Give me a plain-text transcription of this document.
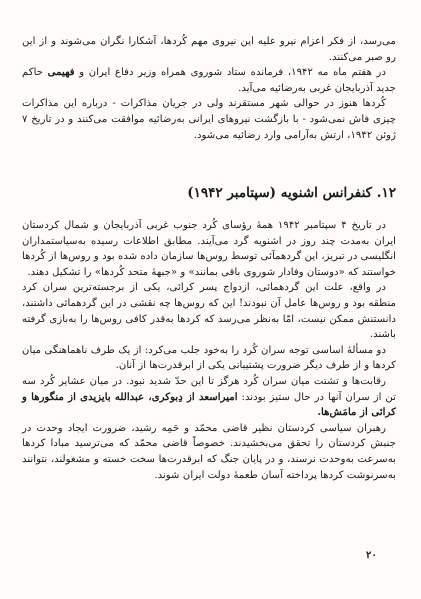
می‌رسد، از فکر اعزام نیرو علیه این نیروی مهم کُردها، آشکارا نگران می‌شوند و از این رو صبر می‌کنند.

در هفتم ماه مه ۱۹۴۲، فرمانده ستاد شوروی همراه وزیر دفاع ایران و فهیمی حاکم جدید آذربایجان غربی به‌رضائیه می‌آید.

کُردها هنوز در حوالی شهر مستقرند ولی در جریان مذاکرات - درباره این مذاکرات چیزی فاش نمی‌شود - با بازگشت نیروهای ایرانی به‌رضائیه موافقت می‌کنند و در تاریخ ۷ ژوئن ۱۹۴۲، ارتش به‌آرامی وارد رضائیه می‌شود.

۱۲. کنفرانس اشنویه (سپتامبر ۱۹۴۲)

در تاریخ ۴ سپتامبر ۱۹۴۲ همهٔ رؤسای کُرد جنوب غربی آذربایجان و شمال کردستان ایران به‌مدت چند روز در اشنویه گرد می‌آیند. مطابق اطلاعات رسیده به‌سیاستمداران انگلیسی در تبریز، این گردهمآئی توسط روس‌ها سازمان داده شده بود و روس‌ها از کُردها خواستند که «دوستان وفادار شوروی باقی بمانند» و «جبههٔ متحد کُردها» را تشکیل دهند.

در واقع، علت این گردهمائی، ازدواج پسر کرائی، یکی از برجسته‌ترین سران کرد منطقه بود و روس‌ها عامل آن نبودند! این که روس‌ها چه نقشی در این گردهمائی داشتند، دانستنش ممکن نیست، امّا به‌نظر می‌رسد که کردها به‌قدر کافی روس‌ها را به‌بازی گرفته باشند.

دو مسألهٔ اساسی توجه سران کُرد را به‌خود جلب می‌کرد: از یک طرف ناهماهنگی میان کردها و از طرف دیگر ضرورت پشتیبانی یکی از ابرقدرت‌ها از آنان.

رقابت‌ها و تشتت میان سران کُرد هرگز تا این حدّ شدید نبود. در میان عشایر کُرد سه تن از سران آنها در حال ستیز بودند: امیراسعد از دِبوکری، عبدالله بایزیدی از منگورها و کرائی از مامَش‌ها.

رهبران سیاسی کردستان نظیر قاضی محمّد و حَمِه رشید، ضرورت ایجاد وحدت در جنبش کردستان را تحقق می‌بخشیدند. خصوصاً قاضی محمّد که می‌ترسید مبادا کردها به‌سرعت به‌وحدت نرسند، و در پایان جنگ که ابرقدرت‌ها سخت خسته و مشغولند، نتوانند به‌سرنوشت کردها پرداخته آسان طعمهٔ دولت ایران شوند.

۲۰
